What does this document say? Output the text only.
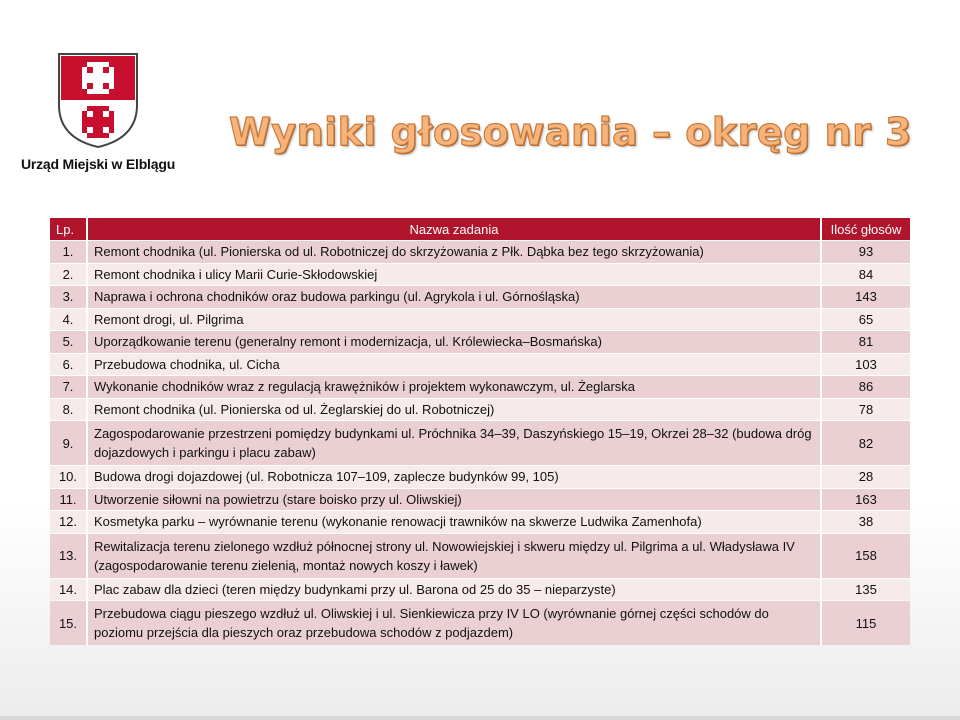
Urząd Miejski w Elblągu
Wyniki głosowania – okręg nr 3
Lp.	Nazwa zadania	Ilość głosów
1.	Remont chodnika (ul. Pionierska od ul. Robotniczej do skrzyżowania z Płk. Dąbka bez tego skrzyżowania)	93
2.	Remont chodnika i ulicy Marii Curie-Skłodowskiej	84
3.	Naprawa i ochrona chodników oraz budowa parkingu (ul. Agrykola i ul. Górnośląska)	143
4.	Remont drogi, ul. Pilgrima	65
5.	Uporządkowanie terenu (generalny remont i modernizacja, ul. Królewiecka–Bosmańska)	81
6.	Przebudowa chodnika, ul. Cicha	103
7.	Wykonanie chodników wraz z regulacją krawężników i projektem wykonawczym, ul. Żeglarska	86
8.	Remont chodnika (ul. Pionierska od ul. Żeglarskiej do ul. Robotniczej)	78
9.	Zagospodarowanie przestrzeni pomiędzy budynkami ul. Próchnika 34–39, Daszyńskiego 15–19, Okrzei 28–32 (budowa dróg dojazdowych i parkingu i placu zabaw)	82
10.	Budowa drogi dojazdowej (ul. Robotnicza 107–109, zaplecze budynków 99, 105)	28
11.	Utworzenie siłowni na powietrzu (stare boisko przy ul. Oliwskiej)	163
12.	Kosmetyka parku – wyrównanie terenu (wykonanie renowacji trawników na skwerze Ludwika Zamenhofa)	38
13.	Rewitalizacja terenu zielonego wzdłuż północnej strony ul. Nowowiejskiej i skweru między ul. Pilgrima a ul. Władysława IV (zagospodarowanie terenu zielenią, montaż nowych koszy i ławek)	158
14.	Plac zabaw dla dzieci (teren między budynkami przy ul. Barona od 25 do 35 – nieparzyste)	135
15.	Przebudowa ciągu pieszego wzdłuż ul. Oliwskiej i ul. Sienkiewicza przy IV LO (wyrównanie górnej części schodów do poziomu przejścia dla pieszych oraz przebudowa schodów z podjazdem)	115
